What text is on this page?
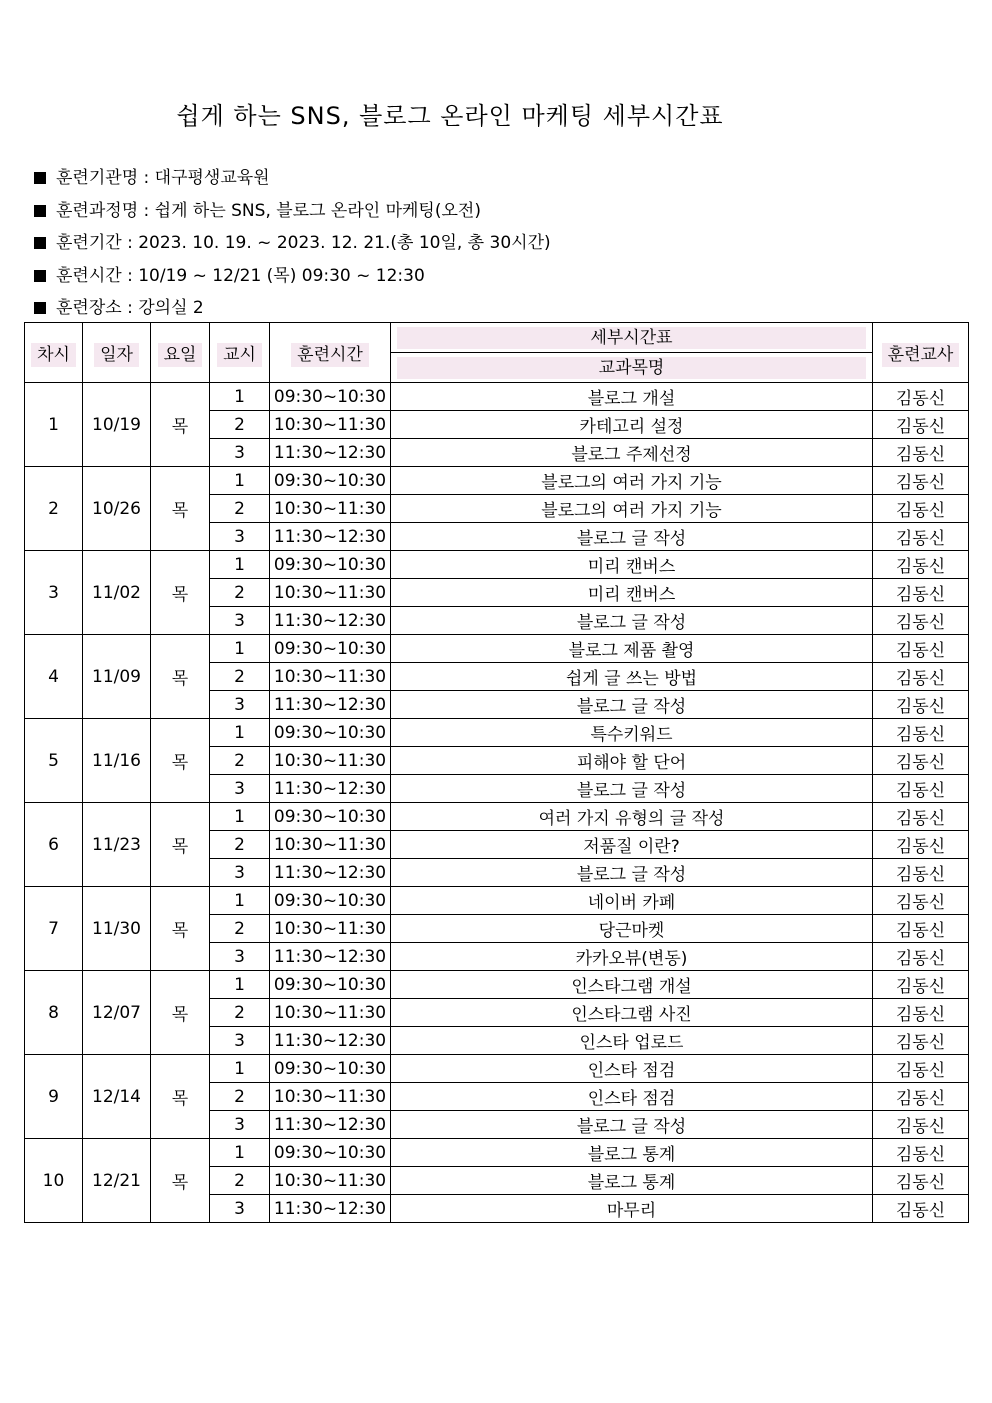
쉽게 하는 SNS, 블로그 온라인 마케팅 세부시간표
훈련기관명 : 대구평생교육원
훈련과정명 : 쉽게 하는 SNS, 블로그 온라인 마케팅(오전)
훈련기간 : 2023. 10. 19. ~ 2023. 12. 21.(총 10일, 총 30시간)
훈련시간 : 10/19 ~ 12/21 (목) 09:30 ~ 12:30
훈련장소 : 강의실 2
차시	일자	요일	교시	훈련시간	세부시간표	훈련교사

					교과목명	

1	10/19	목	1	09:30~10:30	블로그 개설	김동신
			2	10:30~11:30	카테고리 설정	김동신
			3	11:30~12:30	블로그 주제선정	김동신
2	10/26	목	1	09:30~10:30	블로그의 여러 가지 기능	김동신
			2	10:30~11:30	블로그의 여러 가지 기능	김동신
			3	11:30~12:30	블로그 글 작성	김동신
3	11/02	목	1	09:30~10:30	미리 캔버스	김동신
			2	10:30~11:30	미리 캔버스	김동신
			3	11:30~12:30	블로그 글 작성	김동신
4	11/09	목	1	09:30~10:30	블로그 제품 촬영	김동신
			2	10:30~11:30	쉽게 글 쓰는 방법	김동신
			3	11:30~12:30	블로그 글 작성	김동신
5	11/16	목	1	09:30~10:30	특수키워드	김동신
			2	10:30~11:30	피해야 할 단어	김동신
			3	11:30~12:30	블로그 글 작성	김동신
6	11/23	목	1	09:30~10:30	여러 가지 유형의 글 작성	김동신
			2	10:30~11:30	저품질 이란?	김동신
			3	11:30~12:30	블로그 글 작성	김동신
7	11/30	목	1	09:30~10:30	네이버 카페	김동신
			2	10:30~11:30	당근마켓	김동신
			3	11:30~12:30	카카오뷰(변동)	김동신
8	12/07	목	1	09:30~10:30	인스타그램 개설	김동신
			2	10:30~11:30	인스타그램 사진	김동신
			3	11:30~12:30	인스타 업로드	김동신
9	12/14	목	1	09:30~10:30	인스타 점검	김동신
			2	10:30~11:30	인스타 점검	김동신
			3	11:30~12:30	블로그 글 작성	김동신
10	12/21	목	1	09:30~10:30	블로그 통계	김동신
			2	10:30~11:30	블로그 통계	김동신
			3	11:30~12:30	마무리	김동신
